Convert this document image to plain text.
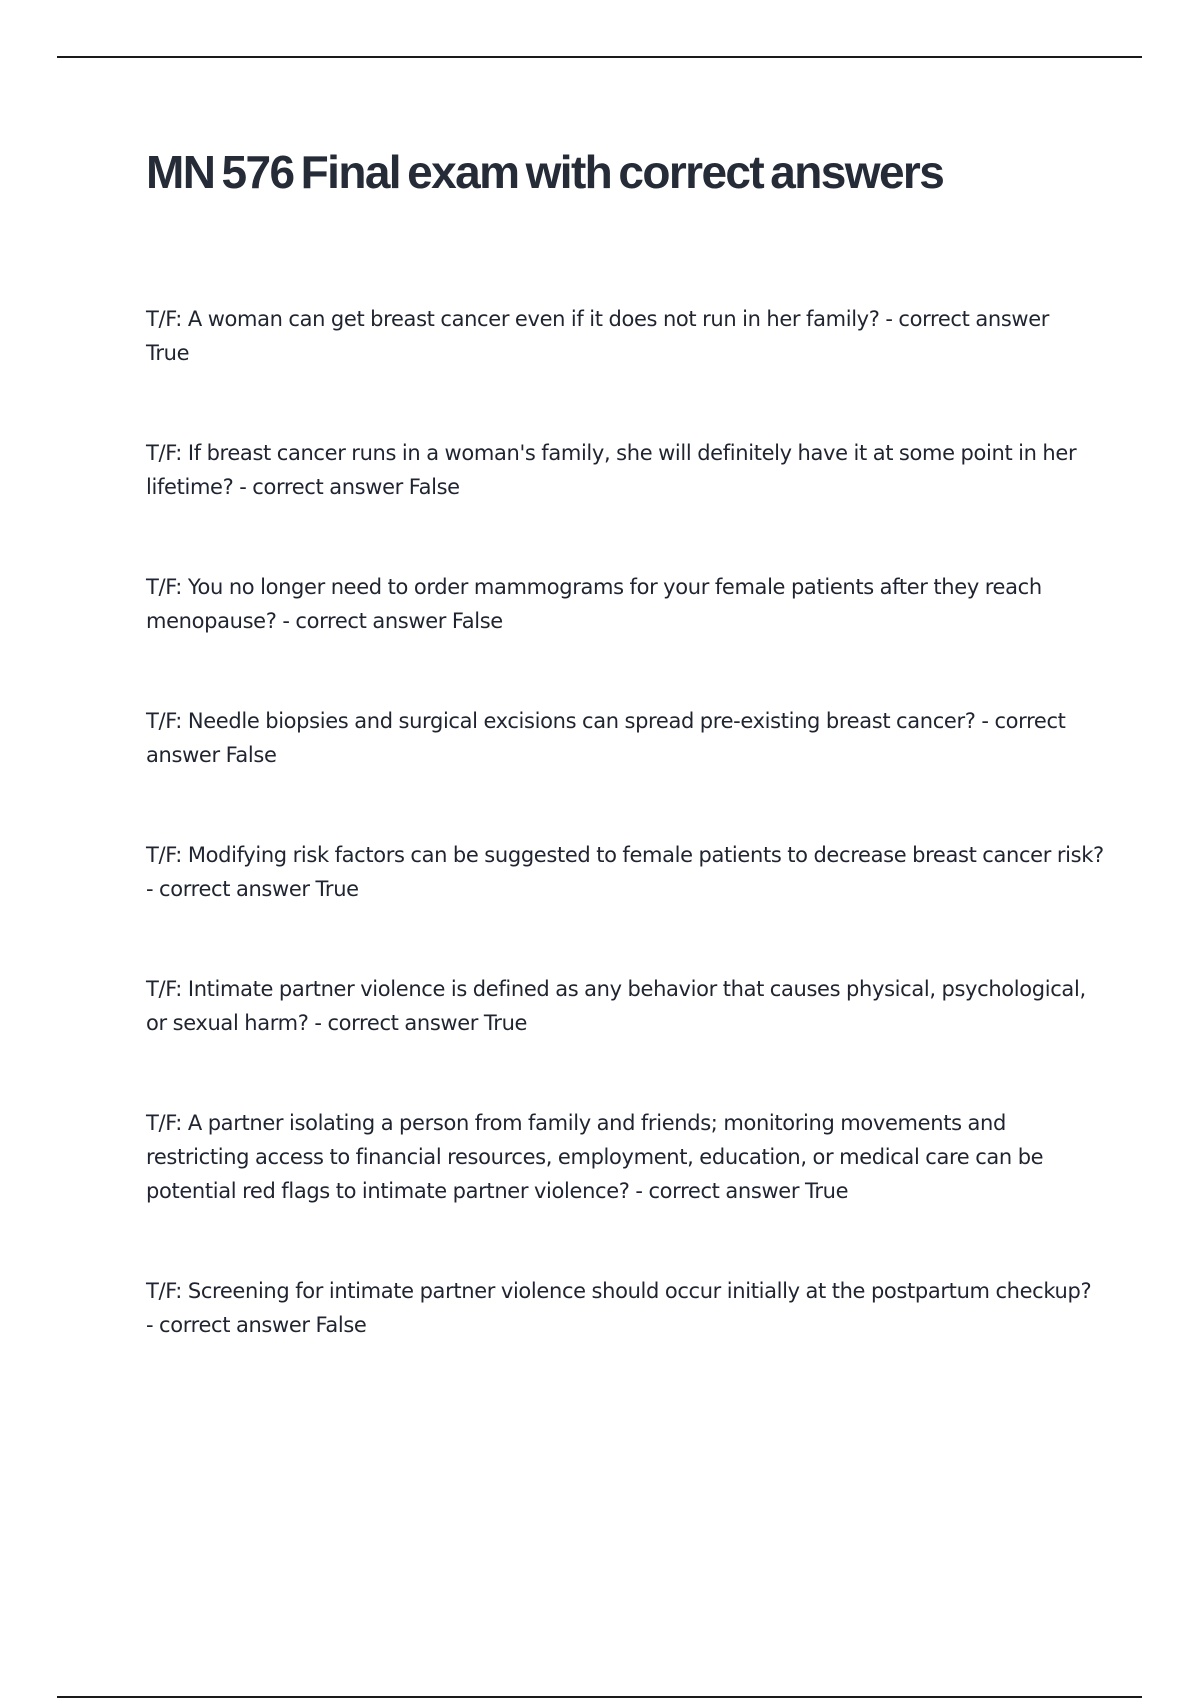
MN 576 Final exam with correct answers
T/F: A woman can get breast cancer even if it does not run in her family? - correct answer
True
T/F: If breast cancer runs in a woman's family, she will definitely have it at some point in her
lifetime? - correct answer False
T/F: You no longer need to order mammograms for your female patients after they reach
menopause? - correct answer False
T/F: Needle biopsies and surgical excisions can spread pre-existing breast cancer? - correct
answer False
T/F: Modifying risk factors can be suggested to female patients to decrease breast cancer risk?
- correct answer True
T/F: Intimate partner violence is defined as any behavior that causes physical, psychological,
or sexual harm? - correct answer True
T/F: A partner isolating a person from family and friends; monitoring movements and
restricting access to financial resources, employment, education, or medical care can be
potential red flags to intimate partner violence? - correct answer True
T/F: Screening for intimate partner violence should occur initially at the postpartum checkup?
- correct answer False
